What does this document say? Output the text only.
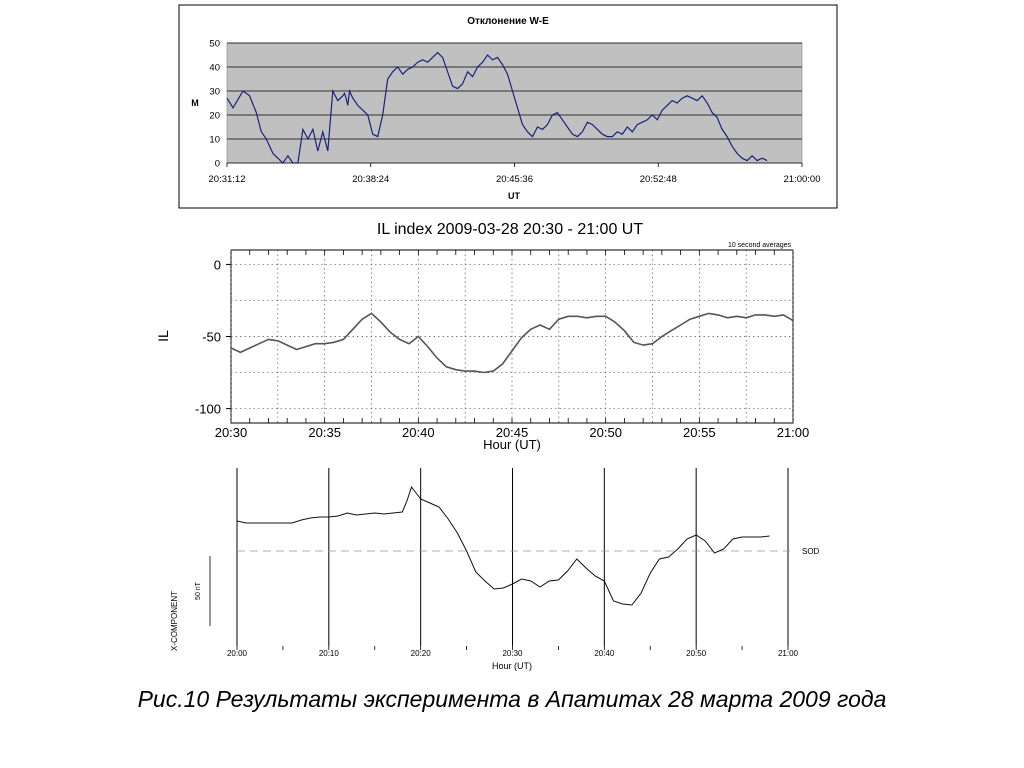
Отклонение W-E
0
10
20
30
40
50
20:31:12	20:38:24	20:45:36	20:52:48	21:00:00
M
UT
IL index 2009-03-28 20:30 - 21:00 UT
10 second averages
0
-50
-100
20:30	20:35	20:40	20:45	20:50	20:55	21:00
IL
Hour (UT)
SOD
50 nT
X-COMPONENT
20:00	20:10	20:20	20:30	20:40	20:50	21:00
Hour (UT)
Рис.10 Результаты эксперимента в Апатитах 28 марта 2009 года
